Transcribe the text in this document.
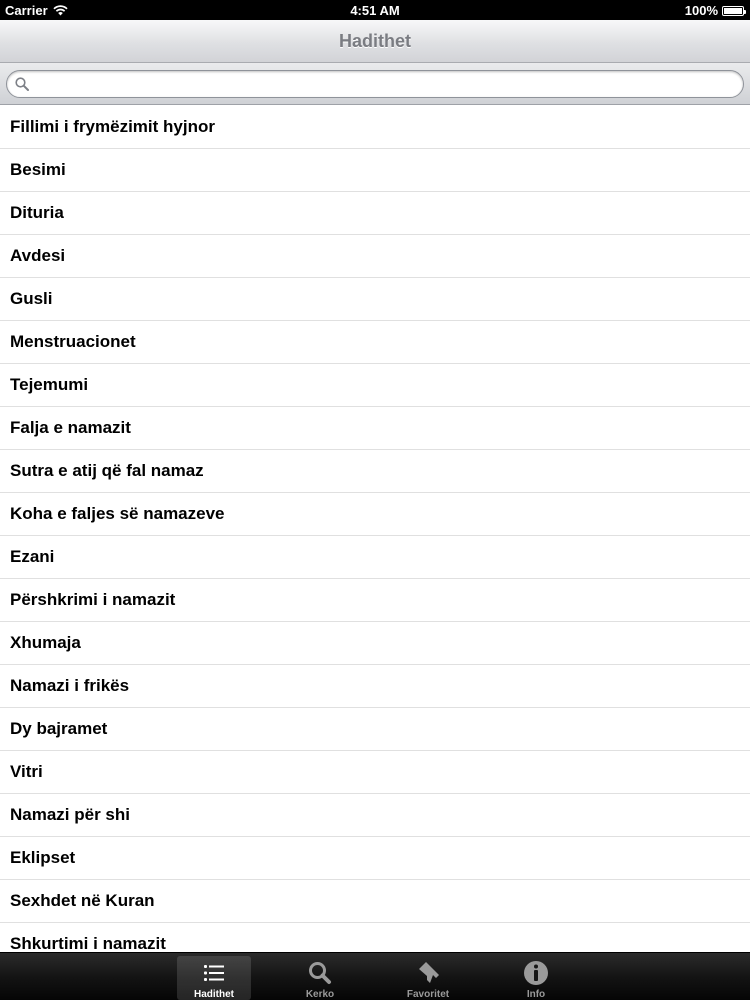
Carrier	4:51 AM	100%
Hadithet
Fillimi i frymëzimit hyjnor
Besimi
Dituria
Avdesi
Gusli
Menstruacionet
Tejemumi
Falja e namazit
Sutra e atij që fal namaz
Koha e faljes së namazeve
Ezani
Përshkrimi i namazit
Xhumaja
Namazi i frikës
Dy bajramet
Vitri
Namazi për shi
Eklipset
Sexhdet në Kuran
Shkurtimi i namazit
Hadithet	Kerko	Favoritet	Info
